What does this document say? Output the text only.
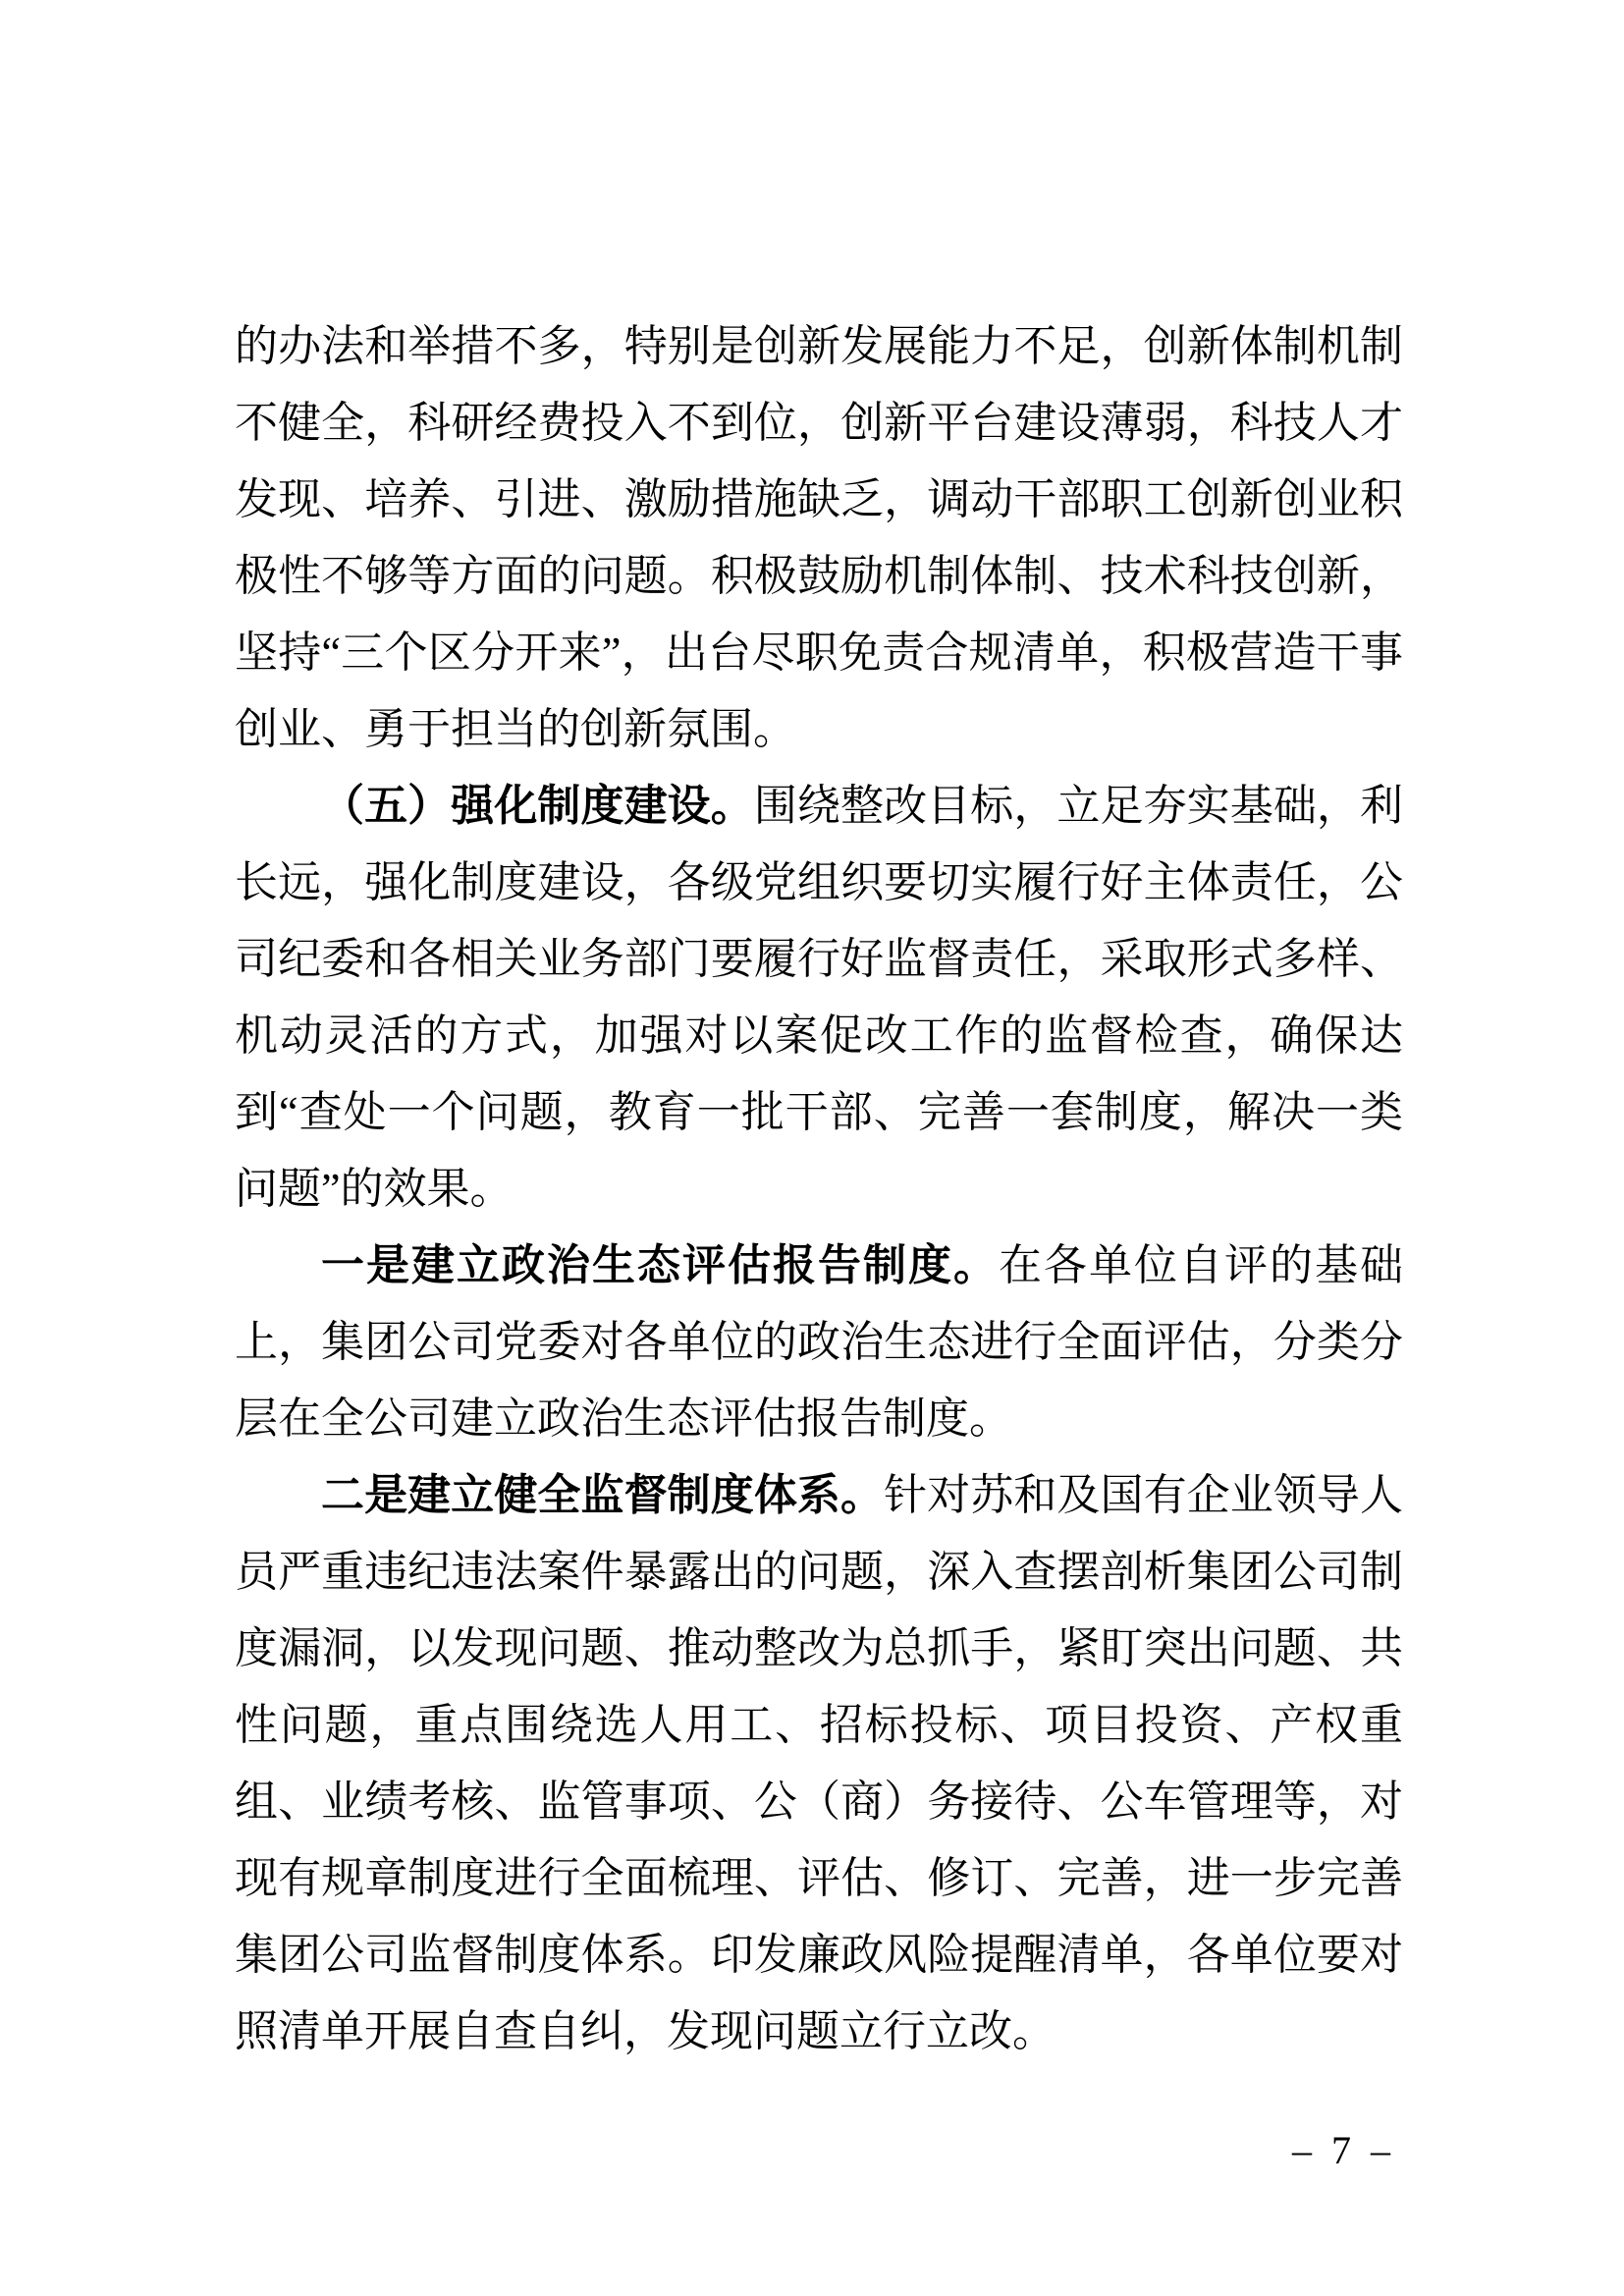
的办法和举措不多，特别是创新发展能力不足，创新体制机制不健全，科研经费投入不到位，创新平台建设薄弱，科技人才发现、培养、引进、激励措施缺乏，调动干部职工创新创业积极性不够等方面的问题。积极鼓励机制体制、技术科技创新，坚持“三个区分开来”，出台尽职免责合规清单，积极营造干事创业、勇于担当的创新氛围。

（五）强化制度建设。围绕整改目标，立足夯实基础，利长远，强化制度建设，各级党组织要切实履行好主体责任，公司纪委和各相关业务部门要履行好监督责任，采取形式多样、机动灵活的方式，加强对以案促改工作的监督检查，确保达到“查处一个问题，教育一批干部、完善一套制度，解决一类问题”的效果。

一是建立政治生态评估报告制度。在各单位自评的基础上，集团公司党委对各单位的政治生态进行全面评估，分类分层在全公司建立政治生态评估报告制度。

二是建立健全监督制度体系。针对苏和及国有企业领导人员严重违纪违法案件暴露出的问题，深入查摆剖析集团公司制度漏洞，以发现问题、推动整改为总抓手，紧盯突出问题、共性问题，重点围绕选人用工、招标投标、项目投资、产权重组、业绩考核、监管事项、公（商）务接待、公车管理等，对现有规章制度进行全面梳理、评估、修订、完善，进一步完善集团公司监督制度体系。印发廉政风险提醒清单，各单位要对照清单开展自查自纠，发现问题立行立改。

– 7 –
